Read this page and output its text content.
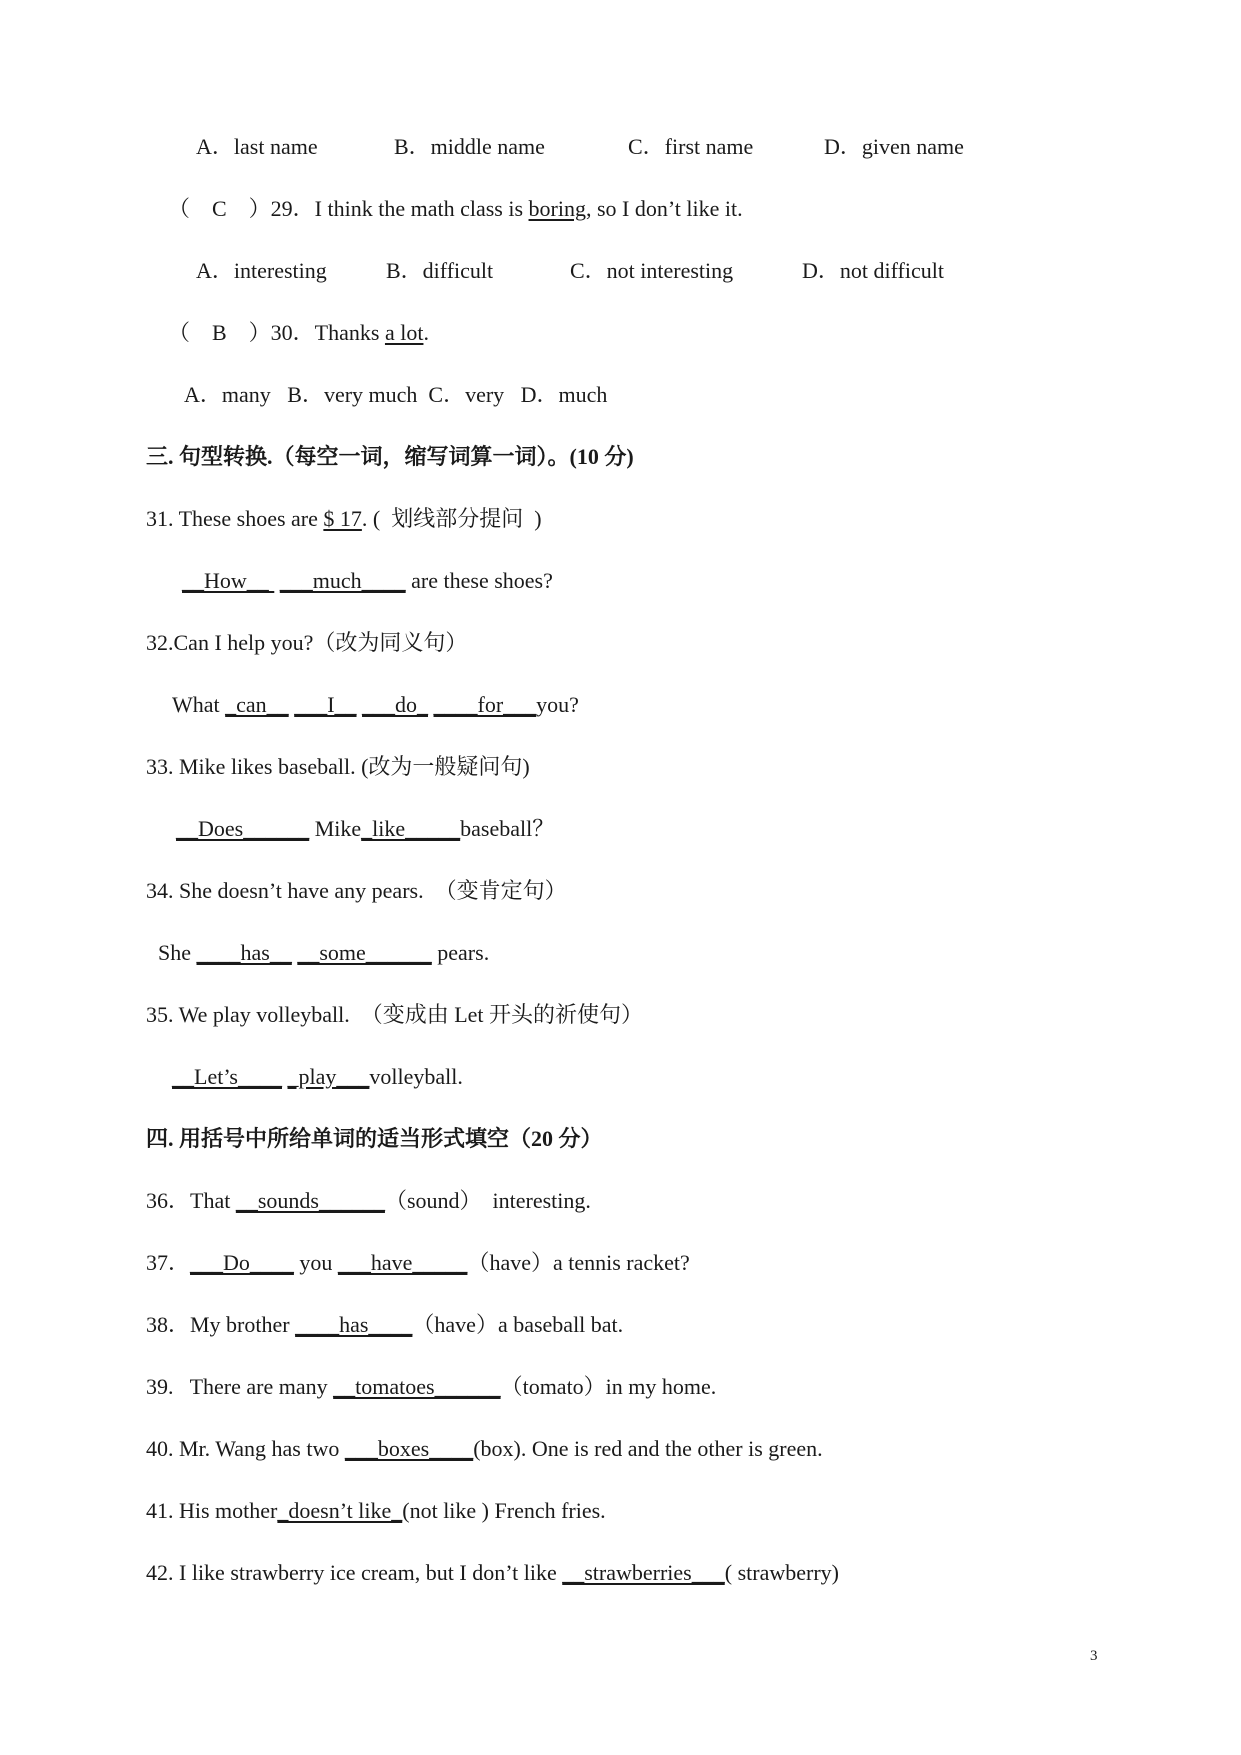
A．last name	B．middle name	C．first name	D．given name
（　C　）29．I think the math class is boring, so I don’t like it.
A．interesting	B．difficult	C．not interesting	D．not difficult
（　B　）30．Thanks a lot.
A．many   B．very much  C．very   D．much
三. 句型转换.（每空一词，缩写词算一词）。(10 分)
31. These shoes are $ 17. (  划线部分提问  )
__How__  ___much____ are these shoes?
32.Can I help you?（改为同义句）
What _can__ ___I__ ___do_ ____for___you?
33. Mike likes baseball. (改为一般疑问句)
__Does______ Mike_like_____baseball？
34. She doesn’t have any pears.  （变肯定句）
She ____has__ __some______ pears.
35. We play volleyball.  （变成由 Let 开头的祈使句）
__Let’s____ _play___volleyball.
四. 用括号中所给单词的适当形式填空（20 分）
36．That __sounds______（sound）  interesting.
37．___Do____ you ___have_____（have）a tennis racket?
38．My brother ____has____（have）a baseball bat.
39.   There are many __tomatoes______（tomato）in my home.
40. Mr. Wang has two ___boxes____(box). One is red and the other is green.
41. His mother_doesn’t like_(not like ) French fries.
42. I like strawberry ice cream, but I don’t like __strawberries___( strawberry)
3
